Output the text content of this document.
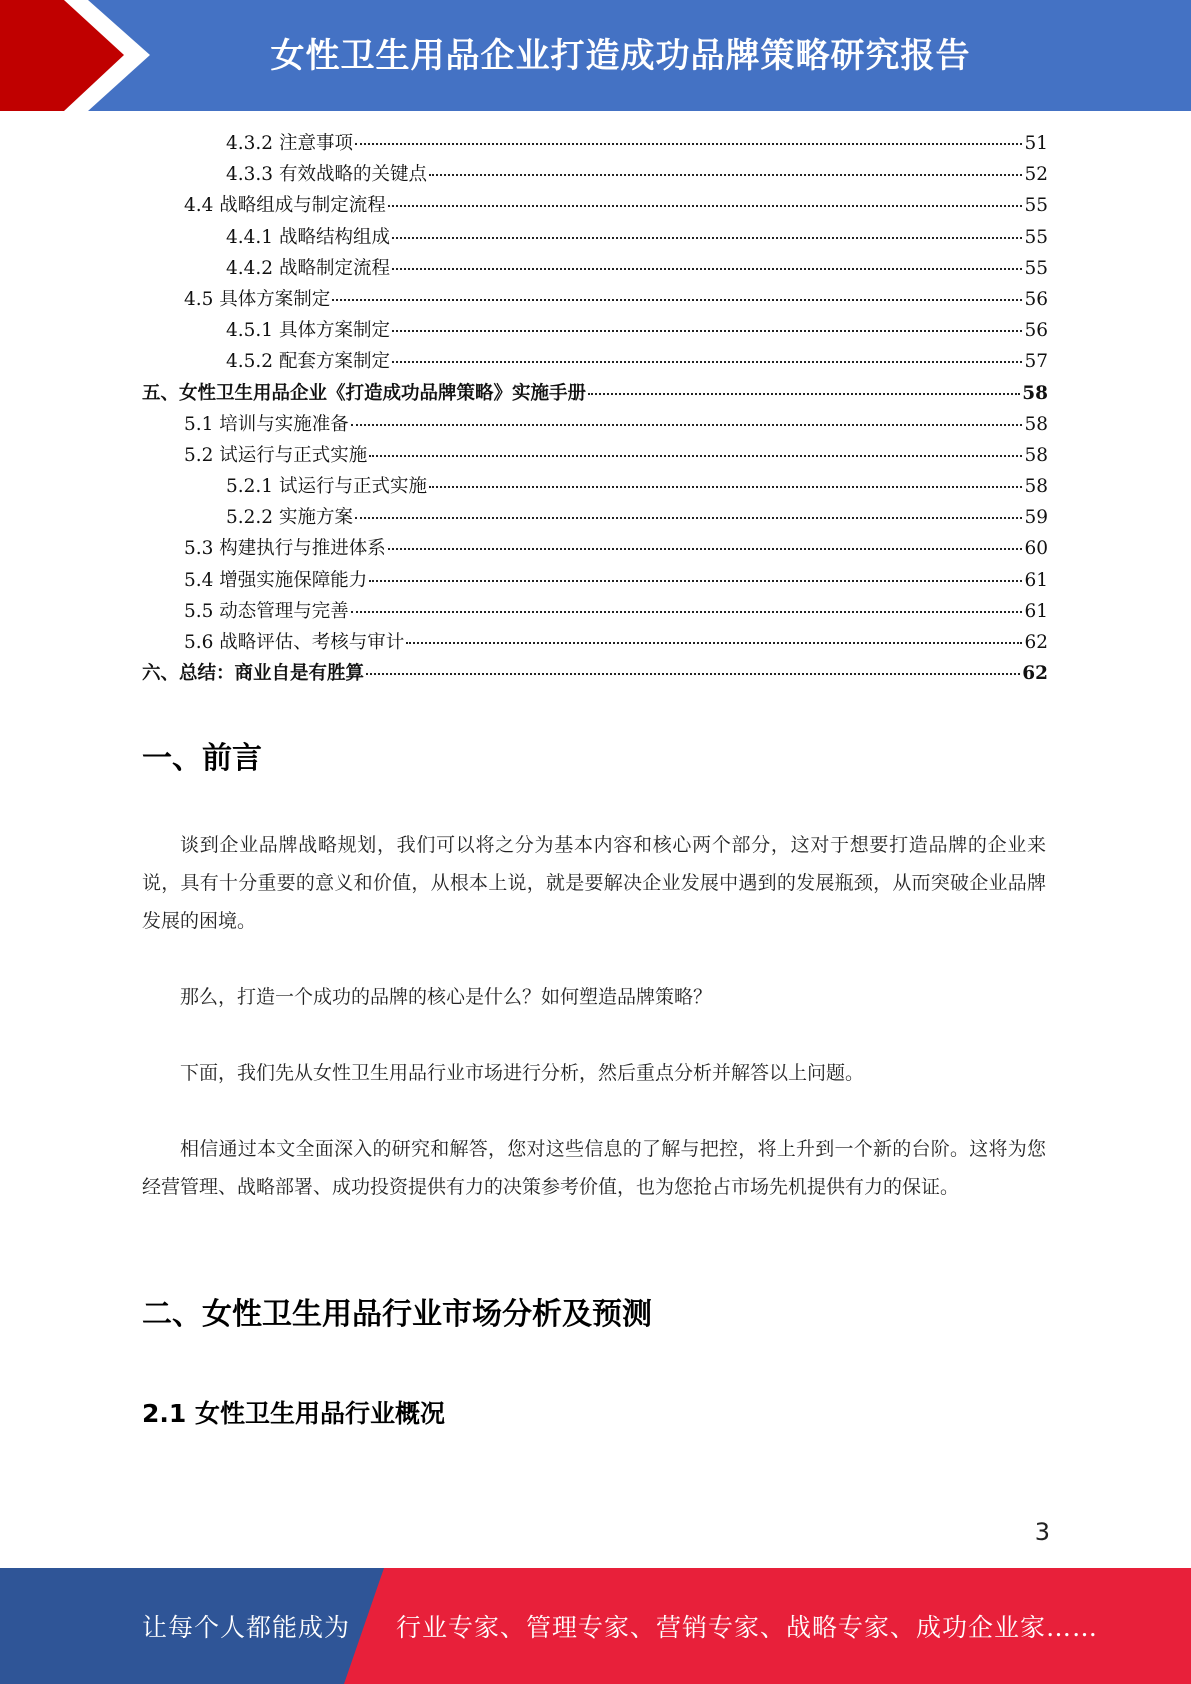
女性卫生用品企业打造成功品牌策略研究报告
4.3.2 注意事项	51
4.3.3 有效战略的关键点	52
4.4 战略组成与制定流程	55
4.4.1 战略结构组成	55
4.4.2 战略制定流程	55
4.5 具体方案制定	56
4.5.1 具体方案制定	56
4.5.2 配套方案制定	57
五、女性卫生用品企业《打造成功品牌策略》实施手册	58
5.1 培训与实施准备	58
5.2 试运行与正式实施	58
5.2.1 试运行与正式实施	58
5.2.2 实施方案	59
5.3 构建执行与推进体系	60
5.4 增强实施保障能力	61
5.5 动态管理与完善	61
5.6 战略评估、考核与审计	62
六、总结：商业自是有胜算	62
一、前言
谈到企业品牌战略规划，我们可以将之分为基本内容和核心两个部分，这对于想要打造品牌的企业来说，具有十分重要的意义和价值，从根本上说，就是要解决企业发展中遇到的发展瓶颈，从而突破企业品牌发展的困境。
那么，打造一个成功的品牌的核心是什么？如何塑造品牌策略？
下面，我们先从女性卫生用品行业市场进行分析，然后重点分析并解答以上问题。
相信通过本文全面深入的研究和解答，您对这些信息的了解与把控，将上升到一个新的台阶。这将为您经营管理、战略部署、成功投资提供有力的决策参考价值，也为您抢占市场先机提供有力的保证。
二、女性卫生用品行业市场分析及预测
2.1 女性卫生用品行业概况
3
让每个人都能成为 行业专家、管理专家、营销专家、战略专家、成功企业家……
